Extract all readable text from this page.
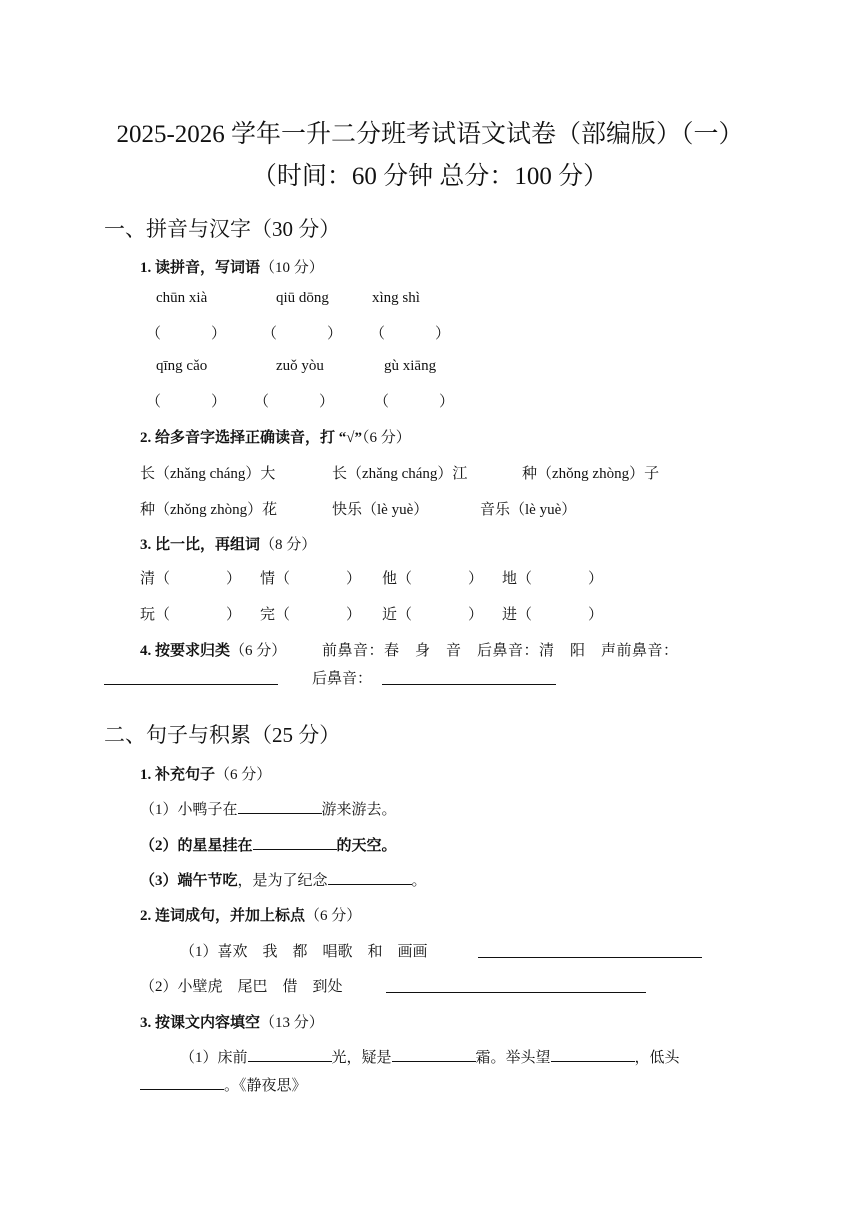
2025-2026 学年一升二分班考试语文试卷（部编版）（一）
（时间：60 分钟 总分：100 分）
一、拼音与汉字（30 分）
1. 读拼音，写词语（10 分）
chūn xià	qiū dōng	xìng shì
（	） （	） （	）
qīng cǎo	zuǒ yòu	gù xiāng
（	） （	）	（	）
2. 给多音字选择正确读音，打 “√”（6 分）
长（zhǎng cháng）大	长（zhǎng cháng）江	种（zhǒng zhòng）子
种（zhǒng zhòng）花	快乐（lè yuè）	音乐（lè yuè）
3. 比一比，再组词（8 分）
清（	） 情（	） 他（	） 地（	）
玩（	） 完（	） 近（	） 进（	）
4. 按要求归类（6 分） 前鼻音：春　身　音　后鼻音：清　阳　声前鼻音：
后鼻音：
二、句子与积累（25 分）
1. 补充句子（6 分）
（1）小鸭子在	游来游去。
（2）的星星挂在	的天空。
（3）端午节吃，是为了纪念	。
2. 连词成句，并加上标点（6 分）
（1）喜欢　我　都　唱歌　和　画画
（2）小壁虎　尾巴　借　到处
3. 按课文内容填空（13 分）
（1）床前	光，疑是	霜。举头望	，低头
。《静夜思》
